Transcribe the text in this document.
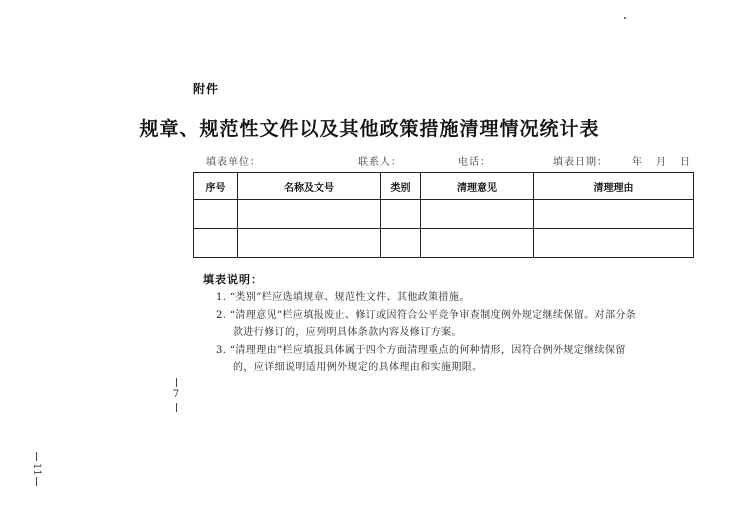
附件
规章、规范性文件以及其他政策措施清理情况统计表
填表单位：	联系人：	电话：	填表日期： 年 月 日
序号	名称及文号	类别	清理意见	清理理由

填表说明：
1. “类别”栏应选填规章、规范性文件、其他政策措施。
2. “清理意见”栏应填报废止、修订或因符合公平竞争审查制度例外规定继续保留。对部分条
款进行修订的，应列明具体条款内容及修订方案。
3. “清理理由”栏应填报具体属于四个方面清理重点的何种情形，因符合例外规定继续保留
的，应详细说明适用例外规定的具体理由和实施期限。
7
11
